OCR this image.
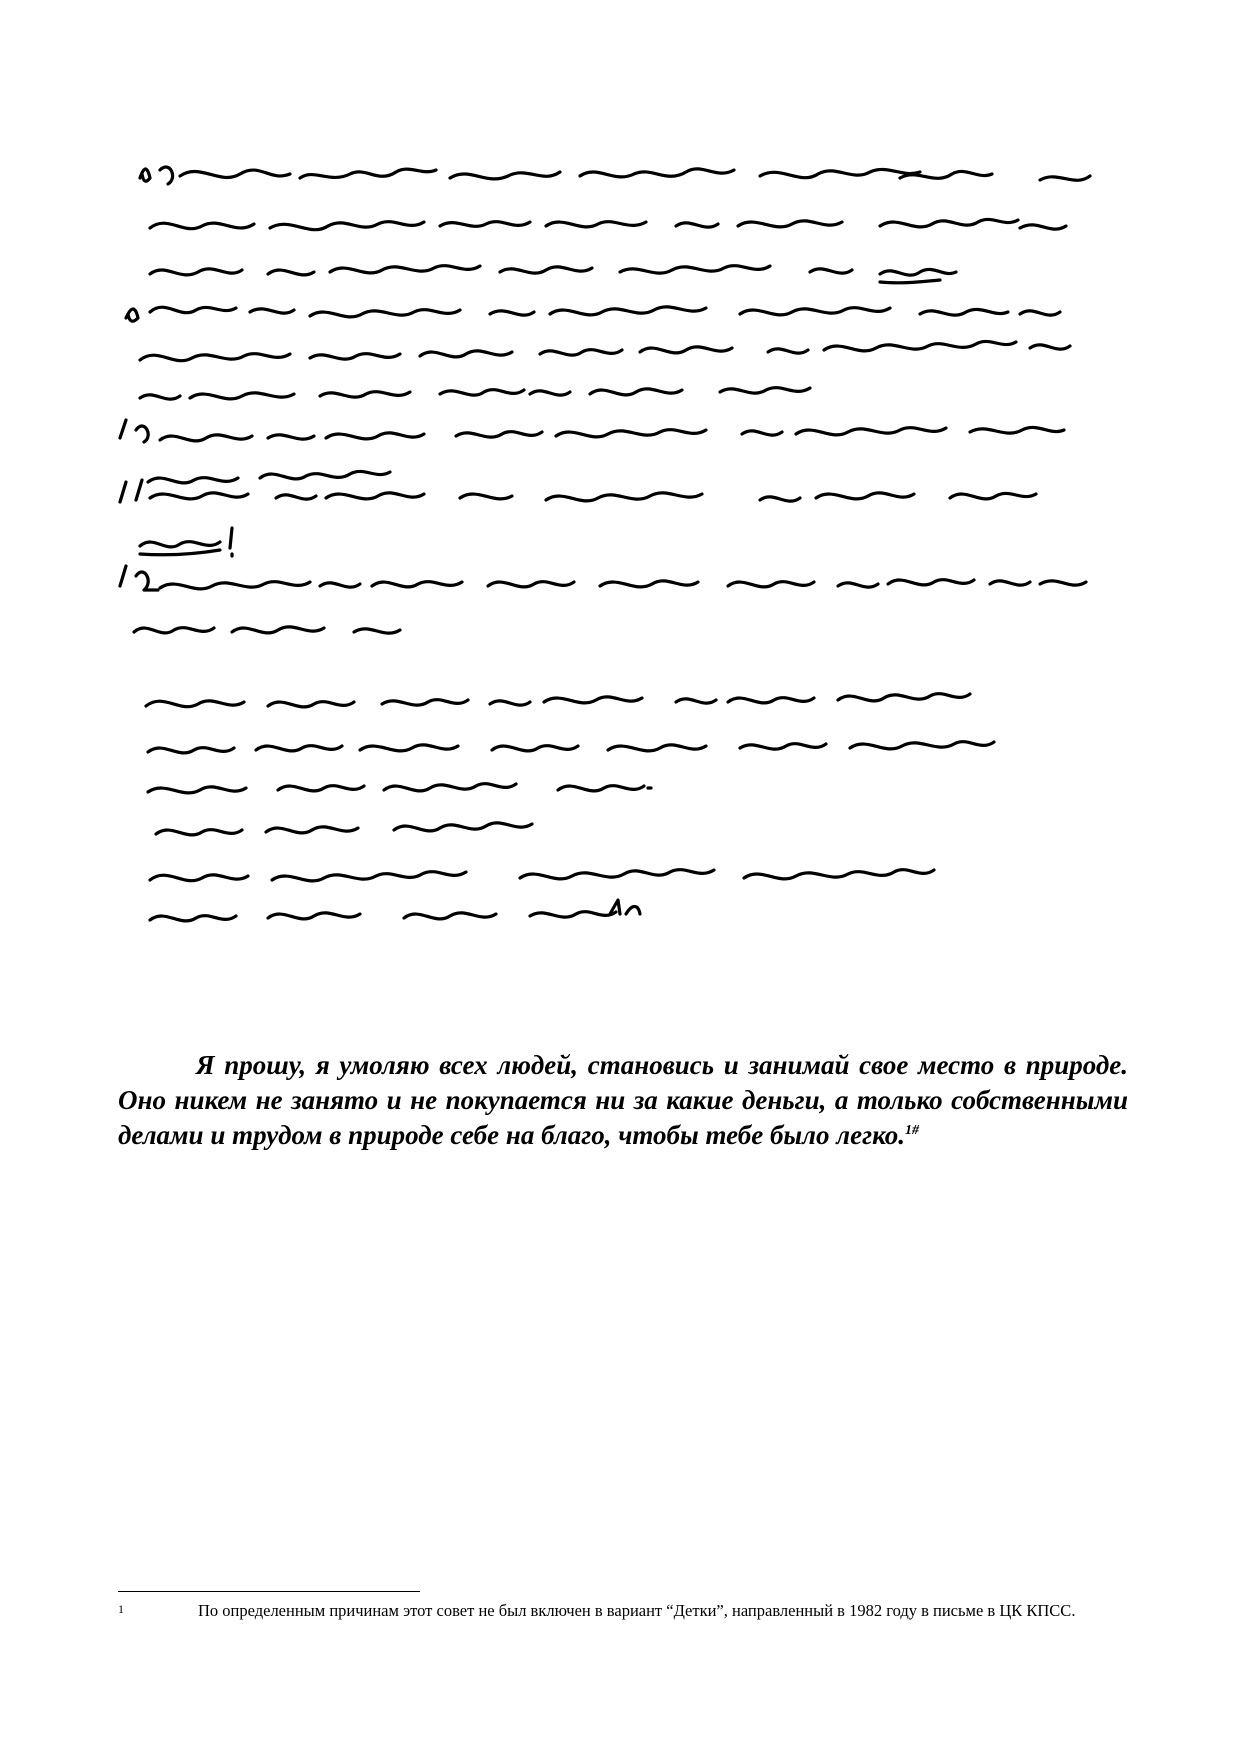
Я прошу, я умоляю всех людей, становись и занимай свое место в природе. Оно никем не занято и не покупается ни за какие деньги, а только собственными делами и трудом в природе себе на благо, чтобы тебе было легко.$^{1\#}$

1	По определенным причинам этот совет не был включен в вариант “Детки”, направленный в 1982 году в письме в ЦК КПСС.
